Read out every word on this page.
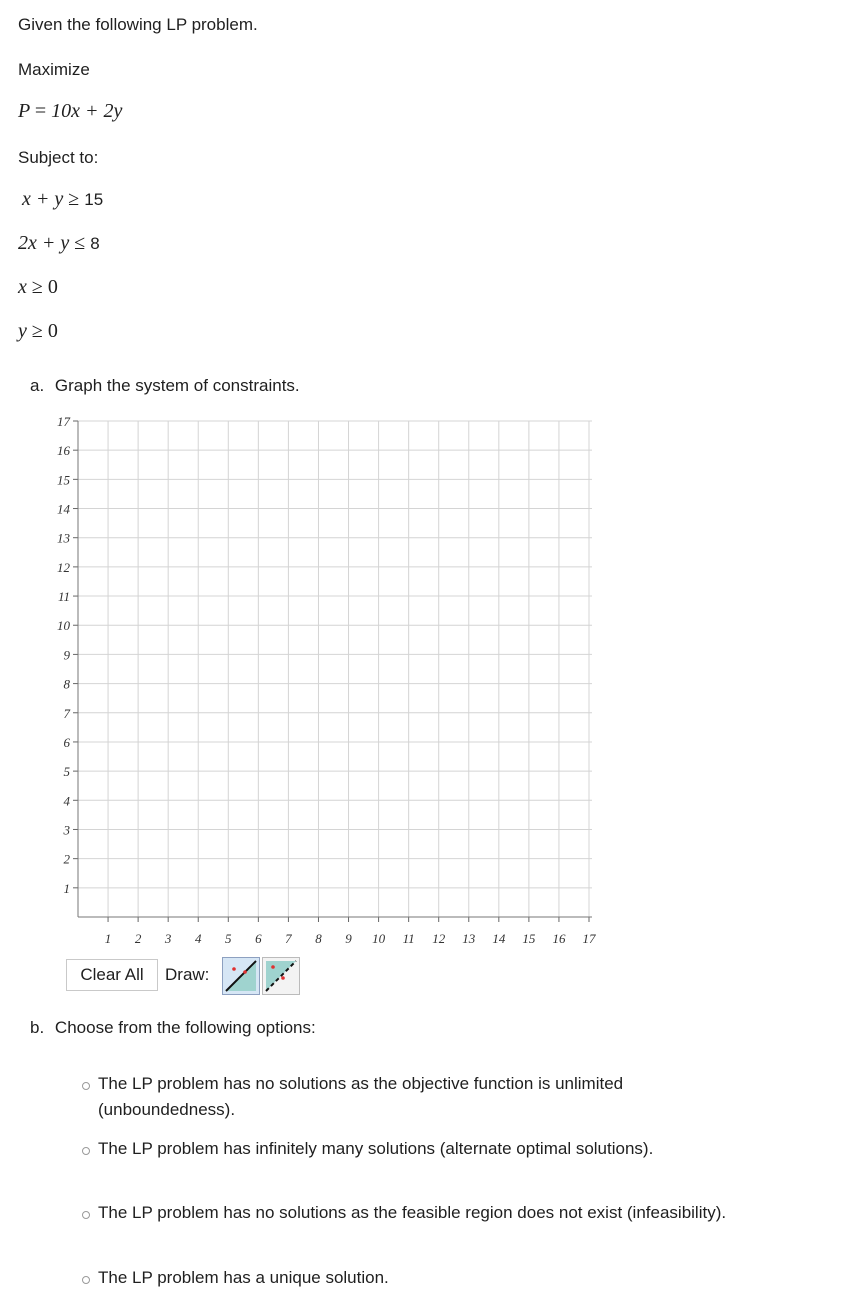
Given the following LP problem.
Maximize
P = 10x + 2y
Subject to:
x + y ≥ 15
2x + y ≤ 8
x ≥ 0
y ≥ 0
a. Graph the system of constraints.
1 2 3 4 5 6 7 8 9 10 11 12 13 14 15 16 17
1
2
3
4
5
6
7
8
9
10
11
12
13
14
15
16
17
Clear All	Draw:
b. Choose from the following options:
The LP problem has no solutions as the objective function is unlimited (unboundedness).
The LP problem has infinitely many solutions (alternate optimal solutions).
The LP problem has no solutions as the feasible region does not exist (infeasibility).
The LP problem has a unique solution.
